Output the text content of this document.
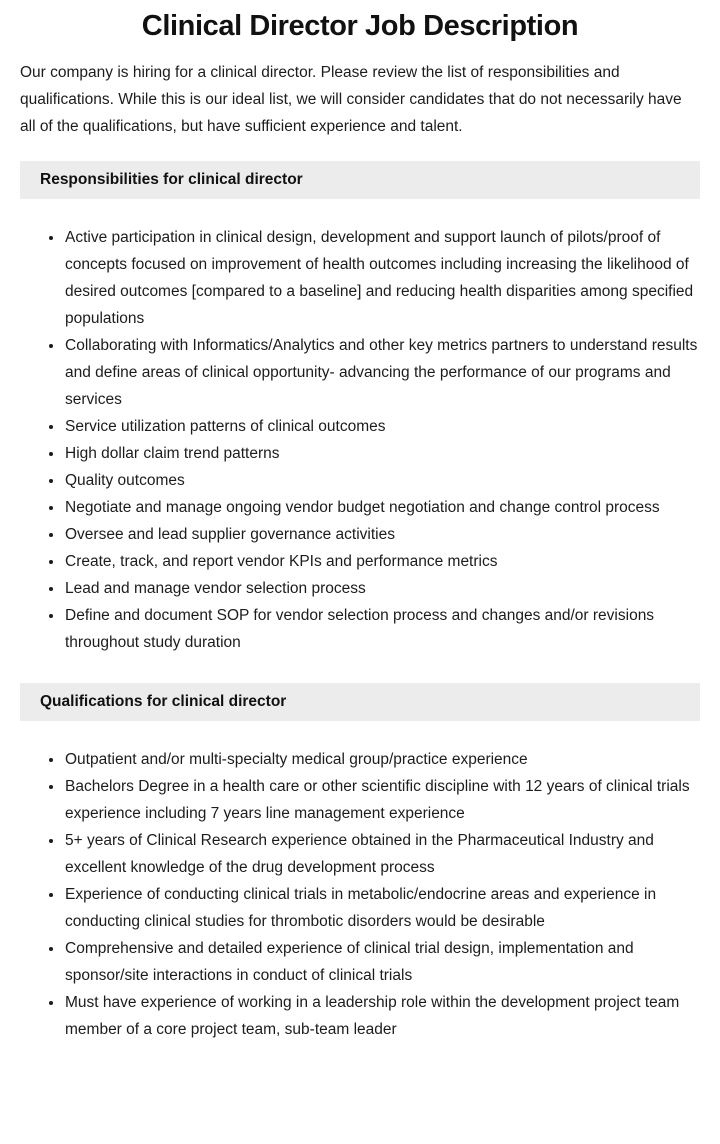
Clinical Director Job Description

Our company is hiring for a clinical director. Please review the list of responsibilities and qualifications. While this is our ideal list, we will consider candidates that do not necessarily have all of the qualifications, but have sufficient experience and talent.

Responsibilities for clinical director
• Active participation in clinical design, development and support launch of pilots/proof of concepts focused on improvement of health outcomes including increasing the likelihood of desired outcomes [compared to a baseline] and reducing health disparities among specified populations
• Collaborating with Informatics/Analytics and other key metrics partners to understand results and define areas of clinical opportunity- advancing the performance of our programs and services
• Service utilization patterns of clinical outcomes
• High dollar claim trend patterns
• Quality outcomes
• Negotiate and manage ongoing vendor budget negotiation and change control process
• Oversee and lead supplier governance activities
• Create, track, and report vendor KPIs and performance metrics
• Lead and manage vendor selection process
• Define and document SOP for vendor selection process and changes and/or revisions throughout study duration
Qualifications for clinical director
• Outpatient and/or multi-specialty medical group/practice experience
• Bachelors Degree in a health care or other scientific discipline with 12 years of clinical trials experience including 7 years line management experience
• 5+ years of Clinical Research experience obtained in the Pharmaceutical Industry and excellent knowledge of the drug development process
• Experience of conducting clinical trials in metabolic/endocrine areas and experience in conducting clinical studies for thrombotic disorders would be desirable
• Comprehensive and detailed experience of clinical trial design, implementation and sponsor/site interactions in conduct of clinical trials
• Must have experience of working in a leadership role within the development project team member of a core project team, sub-team leader
